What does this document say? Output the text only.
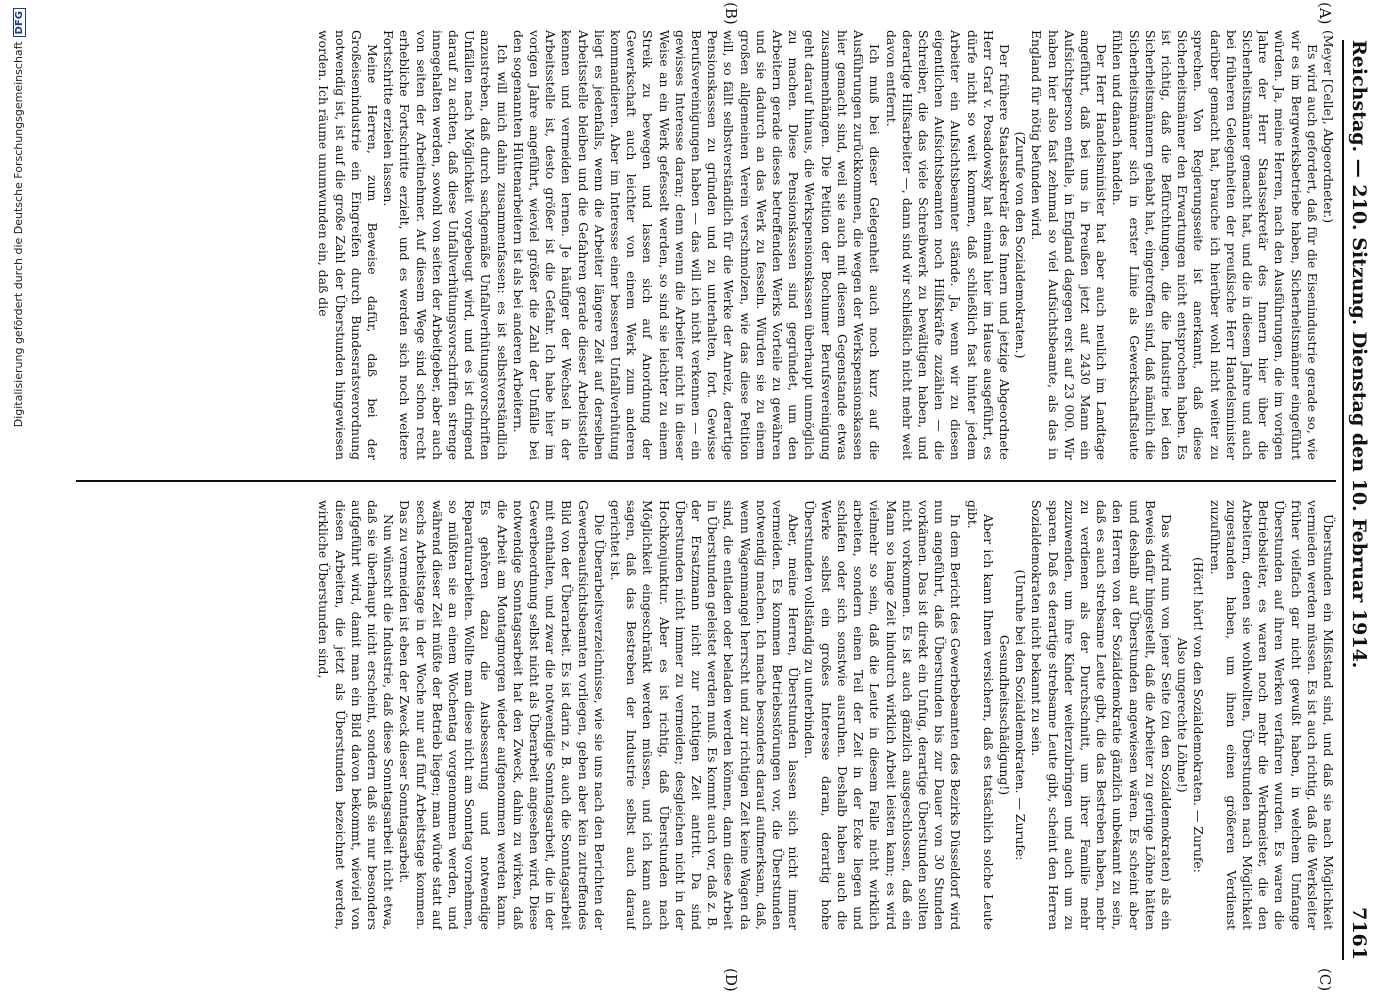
Reichstag. — 210. Sitzung.
Dienstag den 10. Februar 1914.
7161
(A)
(B)
(C)
(D)

(Meyer [Celle], Abgeordneter.)

Es wird auch gefordert, daß für die Eisenindustrie gerade so, wie wir es im Bergwerksbetriebe haben, Sicherheitsmänner eingeführt würden. Ja, meine Herren, nach den Ausführungen, die im vorigen Jahre der Herr Staatssekretär des Innern hier über die Sicherheitsmänner gemacht hat, und die in diesem Jahre und auch bei früheren Gelegenheiten der preußische Herr Handelsminister darüber gemacht hat, brauche ich hierüber wohl nicht weiter zu sprechen. Von Regierungsseite ist anerkannt, daß diese Sicherheitsmänner den Erwartungen nicht entsprochen haben. Es ist richtig, daß die Befürchtungen, die die Industrie bei den Sicherheitsmännern gehabt hat, eingetroffen sind, daß nämlich die Sicherheitsmänner sich in erster Linie als Gewerkschaftsleute fühlen und danach handeln.

Der Herr Handelsminister hat aber auch neulich im Landtage angeführt, daß bei uns in Preußen jetzt auf 2430 Mann ein Aufsichtsperson entfalle, in England dagegen erst auf 23 000. Wir haben hier also fast zehnmal so viel Aufsichtsbeamte, als das in England für nötig befunden wird.

(Zurufe von den Sozialdemokraten.)

Der frühere Staatssekretär des Innern und jetzige Abgeordnete Herr Graf v. Posadowsky hat einmal hier im Hause ausgeführt, es dürfe nicht so weit kommen, daß schließlich fast hinter jedem Arbeiter ein Aufsichtsbeamter stände. Ja, wenn wir zu diesen eigentlichen Aufsichtsbeamten noch Hilfskräfte zuzählen — die Schreiber, die das viele Schreibwerk zu bewältigen haben, und derartige Hilfsarbeiter —, dann sind wir schließlich nicht mehr weit davon entfernt.

Ich muß bei dieser Gelegenheit auch noch kurz auf die Ausführungen zurückkommen, die wegen der Werkspensionskassen hier gemacht sind, weil sie auch mit diesem Gegenstande etwas zusammenhängen. Die Petition der Bochumer Berufsvereinigung geht darauf hinaus, die Werkspensionskassen überhaupt unmöglich zu machen. Diese Pensionskassen sind gegründet, um den Arbeitern gerade dieses betreffenden Werks Vorteile zu gewähren und sie dadurch an das Werk zu fesseln. Würden sie zu einem großen allgemeinen Verein verschmolzen, wie das diese Petition will, so fällt selbstverständlich für die Werke der Anreiz, derartige Pensionskassen zu gründen und zu unterhalten, fort. Gewisse Berufsvereinigungen haben — das will ich nicht verkennen — ein gewisses Interesse daran; denn wenn die Arbeiter nicht in dieser Weise an ein Werk gefesselt werden, so sind sie leichter zu einem Streik zu bewegen und lassen sich auf Anordnung der Gewerkschaft auch leichter von einem Werk zum anderen kommandieren. Aber im Interesse einer besseren Unfallverhütung liegt es jedenfalls, wenn die Arbeiter längere Zeit auf derselben Arbeitsstelle bleiben und die Gefahren gerade dieser Arbeitsstelle kennen und vermeiden lernen. Je häufiger der Wechsel in der Arbeitsstelle ist, desto größer ist die Gefahr. Ich habe hier im vorigen Jahre angeführt, wieviel größer die Zahl der Unfälle bei den sogenannten Hüttenarbeitern ist als bei anderen Arbeitern.

Ich will mich dahin zusammenfassen: es ist selbstverständlich anzustreben, daß durch sachgemäße Unfallverhütungsvorschriften Unfällen nach Möglichkeit vorgebeugt wird, und es ist dringend darauf zu achten, daß diese Unfallverhütungsvorschriften strenge innegehalten werden, sowohl von seiten der Arbeitgeber, aber auch von seiten der Arbeitnehmer. Auf diesem Wege sind schon recht erhebliche Fortschritte erzielt, und es werden sich noch weitere Fortschritte erzielen lassen.

Meine Herren, zum Beweise dafür, daß bei der Großeisenindustrie ein Eingreifen durch Bundesratsverordnung notwendig ist, ist auf die große Zahl der Überstunden hingewiesen worden. Ich räume unumwunden ein, daß die

Überstunden ein Mißstand sind, und daß sie nach Möglichkeit vermieden werden müssen. Es ist auch richtig, daß die Werksleiter früher vielfach gar nicht gewußt haben, in welchem Umfange Überstunden auf ihren Werken verfahren wurden. Es waren die Betriebsleiter, es waren noch mehr die Werkmeister, die den Arbeitern, denen sie wohlwollten, Überstunden nach Möglichkeit zugestanden haben, um ihnen einen größeren Verdienst zuzuführen.

(Hört! hört! von den Sozialdemokraten. — Zurufe:

Also ungerechte Löhne!)

Das wird nun von jener Seite (zu den Sozialdemokraten) als ein Beweis dafür hingestellt, daß die Arbeiter zu geringe Löhne hätten und deshalb auf Überstunden angewiesen wären. Es scheint aber den Herren von der Sozialdemokratie gänzlich unbekannt zu sein, daß es auch strebsame Leute gibt, die das Bestreben haben, mehr zu verdienen als der Durchschnitt, um ihrer Familie mehr zuzuwenden, um ihre Kinder weiterzubringen und auch um zu sparen. Daß es derartige strebsame Leute gibt, scheint den Herren Sozialdemokraten nicht bekannt zu sein.

(Unruhe bei den Sozialdemokraten. — Zurufe:

Gesundheitsschädigung!)

Aber ich kann Ihnen versichern, daß es tatsächlich solche Leute gibt.

In dem Bericht des Gewerbebeamten des Bezirks Düsseldorf wird nun angeführt, daß Überstunden bis zur Dauer von 30 Stunden vorkämen. Das ist direkt ein Unfug, derartige Überstunden sollten nicht vorkommen. Es ist auch gänzlich ausgeschlossen, daß ein Mann so lange Zeit hindurch wirklich Arbeit leisten kann; es wird vielmehr so sein, daß die Leute in diesem Falle nicht wirklich arbeiten, sondern einen Teil der Zeit in der Ecke liegen und schlafen oder sich sonstwie ausruhen. Deshalb haben auch die Werke selbst ein großes Interesse daran, derartig hohe Überstunden vollständig zu unterbinden.

Aber, meine Herren, Überstunden lassen sich nicht immer vermeiden. Es kommen Betriebsstörungen vor, die Überstunden notwendig machen. Ich mache besonders darauf aufmerksam, daß, wenn Wagenmangel herrscht und zur richtigen Zeit keine Wagen da sind, die entladen oder beladen werden können, dann diese Arbeit in Überstunden geleistet werden muß. Es kommt auch vor, daß z. B. der Ersatzmann nicht zur richtigen Zeit antritt. Da sind Überstunden nicht immer zu vermeiden; desgleichen nicht in der Hochkonjunktur. Aber es ist richtig, daß Überstunden nach Möglichkeit eingeschränkt werden müssen, und ich kann auch sagen, daß das Bestreben der Industrie selbst auch darauf gerichtet ist.

Die Überarbeitsverzeichnisse, wie sie uns nach den Berichten der Gewerbeaufsichtsbeamten vorliegen, geben aber kein zutreffendes Bild von der Überarbeit. Es ist darin z. B. auch die Sonntagsarbeit mit enthalten, und zwar die notwendige Sonntagsarbeit, die in der Gewerbeordnung selbst nicht als Überarbeit angesehen wird. Diese notwendige Sonntagsarbeit hat den Zweck, dahin zu wirken, daß die Arbeit am Montagmorgen wieder aufgenommen werden kann. Es gehören dazu die Ausbesserung und notwendige Reparaturarbeiten. Wollte man diese nicht am Sonntag vornehmen, so müßten sie an einem Wochentag vorgenommen werden, und während dieser Zeit müßte der Betrieb liegen; man würde statt auf sechs Arbeitstage in der Woche nur auf fünf Arbeitstage kommen. Das zu vermeiden ist eben der Zweck dieser Sonntagsarbeit.

Nun wünscht die Industrie, daß diese Sonntagsarbeit nicht etwa, daß sie überhaupt nicht erscheint, sondern daß sie nur besonders aufgeführt wird, damit man ein Bild davon bekommt, wieviel von diesen Arbeiten, die jetzt als Überstunden bezeichnet werden, wirkliche Überstunden sind,

Digitalisierung gefördert durch die Deutsche ForschungsgemeinschaftDFG
